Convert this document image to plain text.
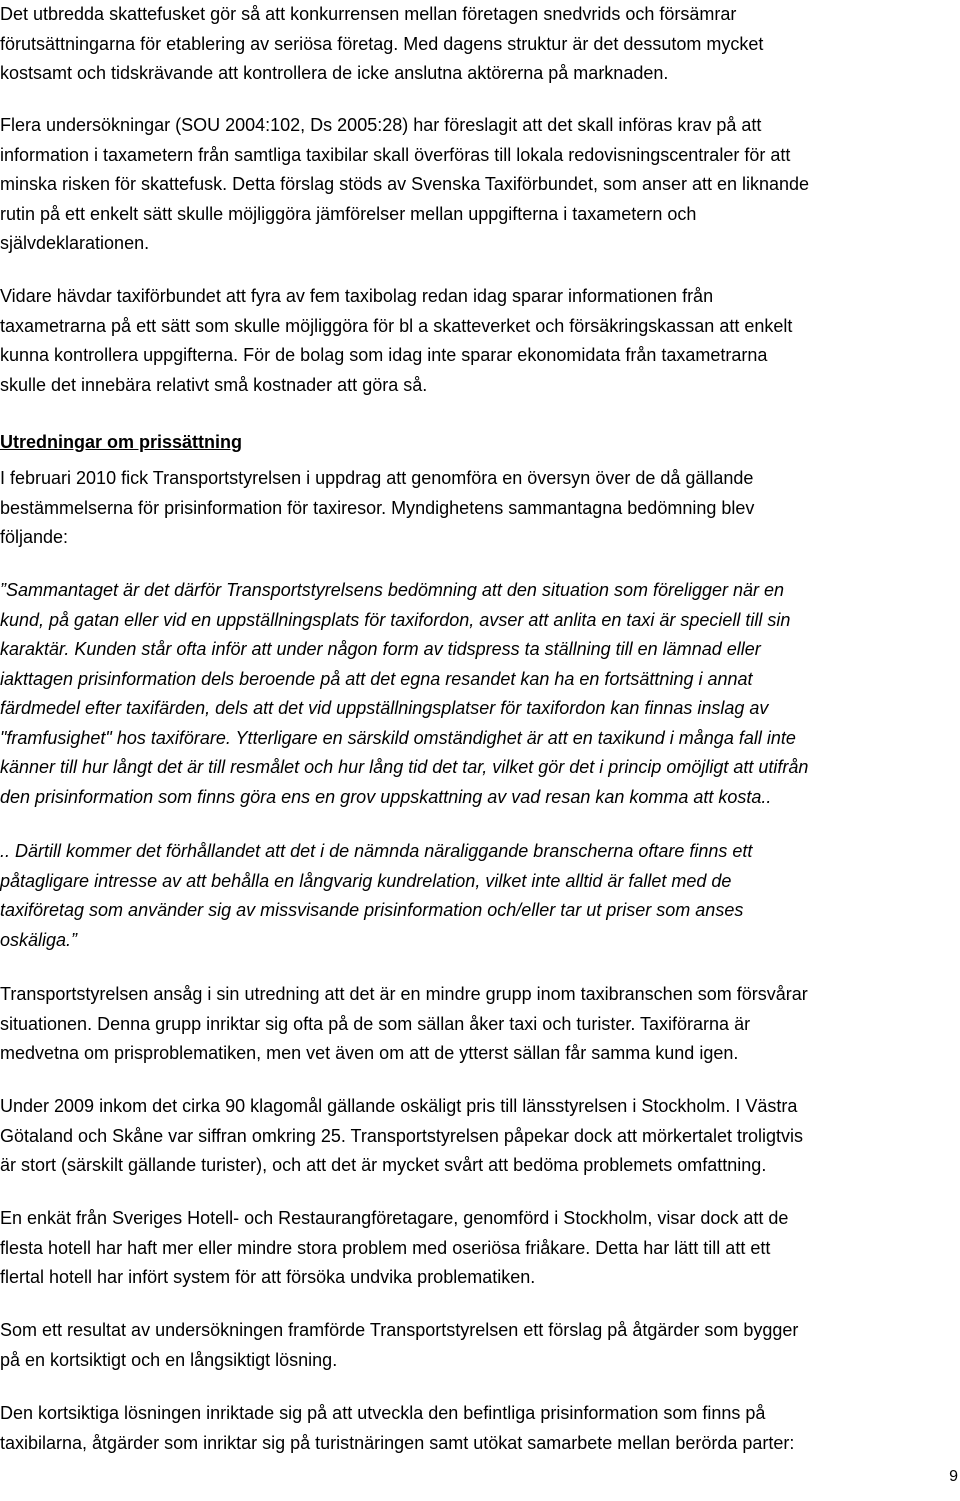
Det utbredda skattefusket gör så att konkurrensen mellan företagen snedvrids och försämrar
förutsättningarna för etablering av seriösa företag. Med dagens struktur är det dessutom mycket
kostsamt och tidskrävande att kontrollera de icke anslutna aktörerna på marknaden.

Flera undersökningar (SOU 2004:102, Ds 2005:28) har föreslagit att det skall införas krav på att
information i taxametern från samtliga taxibilar skall överföras till lokala redovisningscentraler för att
minska risken för skattefusk. Detta förslag stöds av Svenska Taxiförbundet, som anser att en liknande
rutin på ett enkelt sätt skulle möjliggöra jämförelser mellan uppgifterna i taxametern och
självdeklarationen.

Vidare hävdar taxiförbundet att fyra av fem taxibolag redan idag sparar informationen från
taxametrarna på ett sätt som skulle möjliggöra för bl a skatteverket och försäkringskassan att enkelt
kunna kontrollera uppgifterna. För de bolag som idag inte sparar ekonomidata från taxametrarna
skulle det innebära relativt små kostnader att göra så.

Utredningar om prissättning

I februari 2010 fick Transportstyrelsen i uppdrag att genomföra en översyn över de då gällande
bestämmelserna för prisinformation för taxiresor. Myndighetens sammantagna bedömning blev
följande:

”Sammantaget är det därför Transportstyrelsens bedömning att den situation som föreligger när en
kund, på gatan eller vid en uppställningsplats för taxifordon, avser att anlita en taxi är speciell till sin
karaktär. Kunden står ofta inför att under någon form av tidspress ta ställning till en lämnad eller
iakttagen prisinformation dels beroende på att det egna resandet kan ha en fortsättning i annat
färdmedel efter taxifärden, dels att det vid uppställningsplatser för taxifordon kan finnas inslag av
"framfusighet" hos taxiförare. Ytterligare en särskild omständighet är att en taxikund i många fall inte
känner till hur långt det är till resmålet och hur lång tid det tar, vilket gör det i princip omöjligt att utifrån
den prisinformation som finns göra ens en grov uppskattning av vad resan kan komma att kosta..

.. Därtill kommer det förhållandet att det i de nämnda näraliggande branscherna oftare finns ett
påtagligare intresse av att behålla en långvarig kundrelation, vilket inte alltid är fallet med de
taxiföretag som använder sig av missvisande prisinformation och/eller tar ut priser som anses
oskäliga.”

Transportstyrelsen ansåg i sin utredning att det är en mindre grupp inom taxibranschen som försvårar
situationen. Denna grupp inriktar sig ofta på de som sällan åker taxi och turister. Taxiförarna är
medvetna om prisproblematiken, men vet även om att de ytterst sällan får samma kund igen.

Under 2009 inkom det cirka 90 klagomål gällande oskäligt pris till länsstyrelsen i Stockholm. I Västra
Götaland och Skåne var siffran omkring 25. Transportstyrelsen påpekar dock att mörkertalet troligtvis
är stort (särskilt gällande turister), och att det är mycket svårt att bedöma problemets omfattning.

En enkät från Sveriges Hotell- och Restaurangföretagare, genomförd i Stockholm, visar dock att de
flesta hotell har haft mer eller mindre stora problem med oseriösa friåkare. Detta har lätt till att ett
flertal hotell har infört system för att försöka undvika problematiken.

Som ett resultat av undersökningen framförde Transportstyrelsen ett förslag på åtgärder som bygger
på en kortsiktigt och en långsiktigt lösning.

Den kortsiktiga lösningen inriktade sig på att utveckla den befintliga prisinformation som finns på
taxibilarna, åtgärder som inriktar sig på turistnäringen samt utökat samarbete mellan berörda parter:

9
